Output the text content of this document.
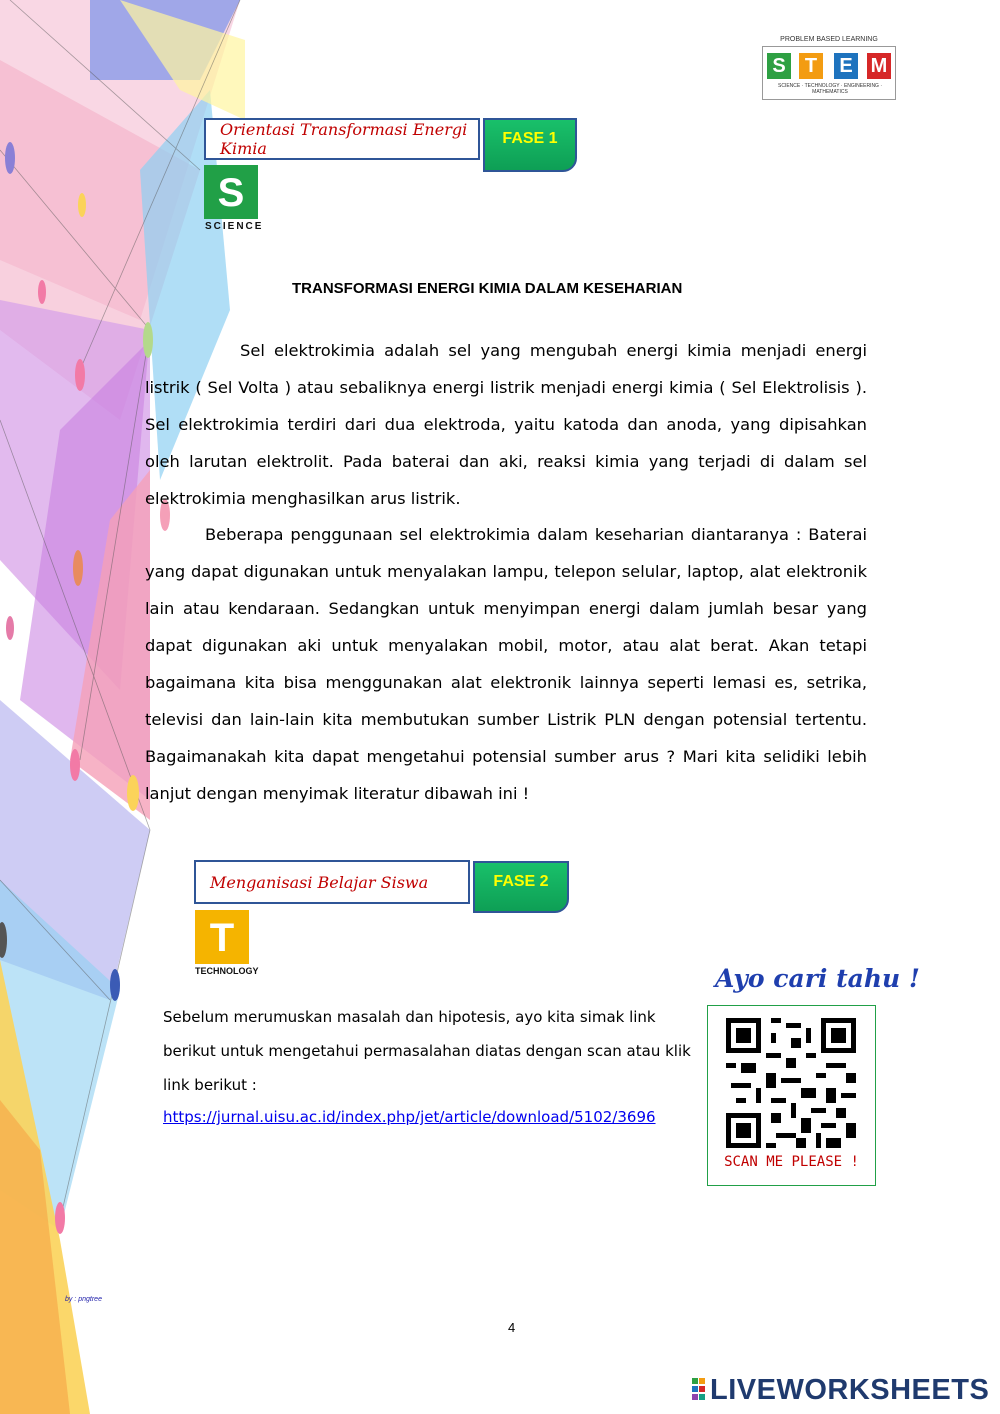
PROBLEM BASED LEARNING
S T E M
SCIENCE · TECHNOLOGY · ENGINEERING · MATHEMATICS
Orientasi Transformasi Energi Kimia
FASE 1
S
SCIENCE
TRANSFORMASI ENERGI KIMIA DALAM KESEHARIAN

Sel elektrokimia adalah sel yang mengubah energi kimia menjadi energi listrik ( Sel Volta ) atau sebaliknya energi listrik menjadi energi kimia ( Sel Elektrolisis ). Sel elektrokimia terdiri dari dua elektroda, yaitu katoda dan anoda, yang dipisahkan oleh larutan elektrolit. Pada baterai dan aki, reaksi kimia yang terjadi di dalam sel elektrokimia menghasilkan arus listrik.

Beberapa penggunaan sel elektrokimia dalam keseharian diantaranya : Baterai yang dapat digunakan untuk menyalakan lampu, telepon selular, laptop, alat elektronik lain atau kendaraan. Sedangkan untuk menyimpan energi dalam jumlah besar yang dapat digunakan aki untuk menyalakan mobil, motor, atau alat berat. Akan tetapi bagaimana kita bisa menggunakan alat elektronik lainnya seperti lemasi es, setrika, televisi dan lain-lain kita membutukan sumber Listrik PLN dengan potensial tertentu. Bagaimanakah kita dapat mengetahui potensial sumber arus ? Mari kita selidiki lebih lanjut dengan menyimak literatur dibawah ini !

Menganisasi Belajar Siswa	FASE 2
T
TECHNOLOGY

Sebelum merumuskan masalah dan hipotesis, ayo kita simak link berikut untuk mengetahui permasalahan diatas dengan scan atau klik link berikut :

https://jurnal.uisu.ac.id/index.php/jet/article/download/5102/3696
Ayo cari tahu !
SCAN ME PLEASE !
by : pngtree
4
LIVEWORKSHEETS
